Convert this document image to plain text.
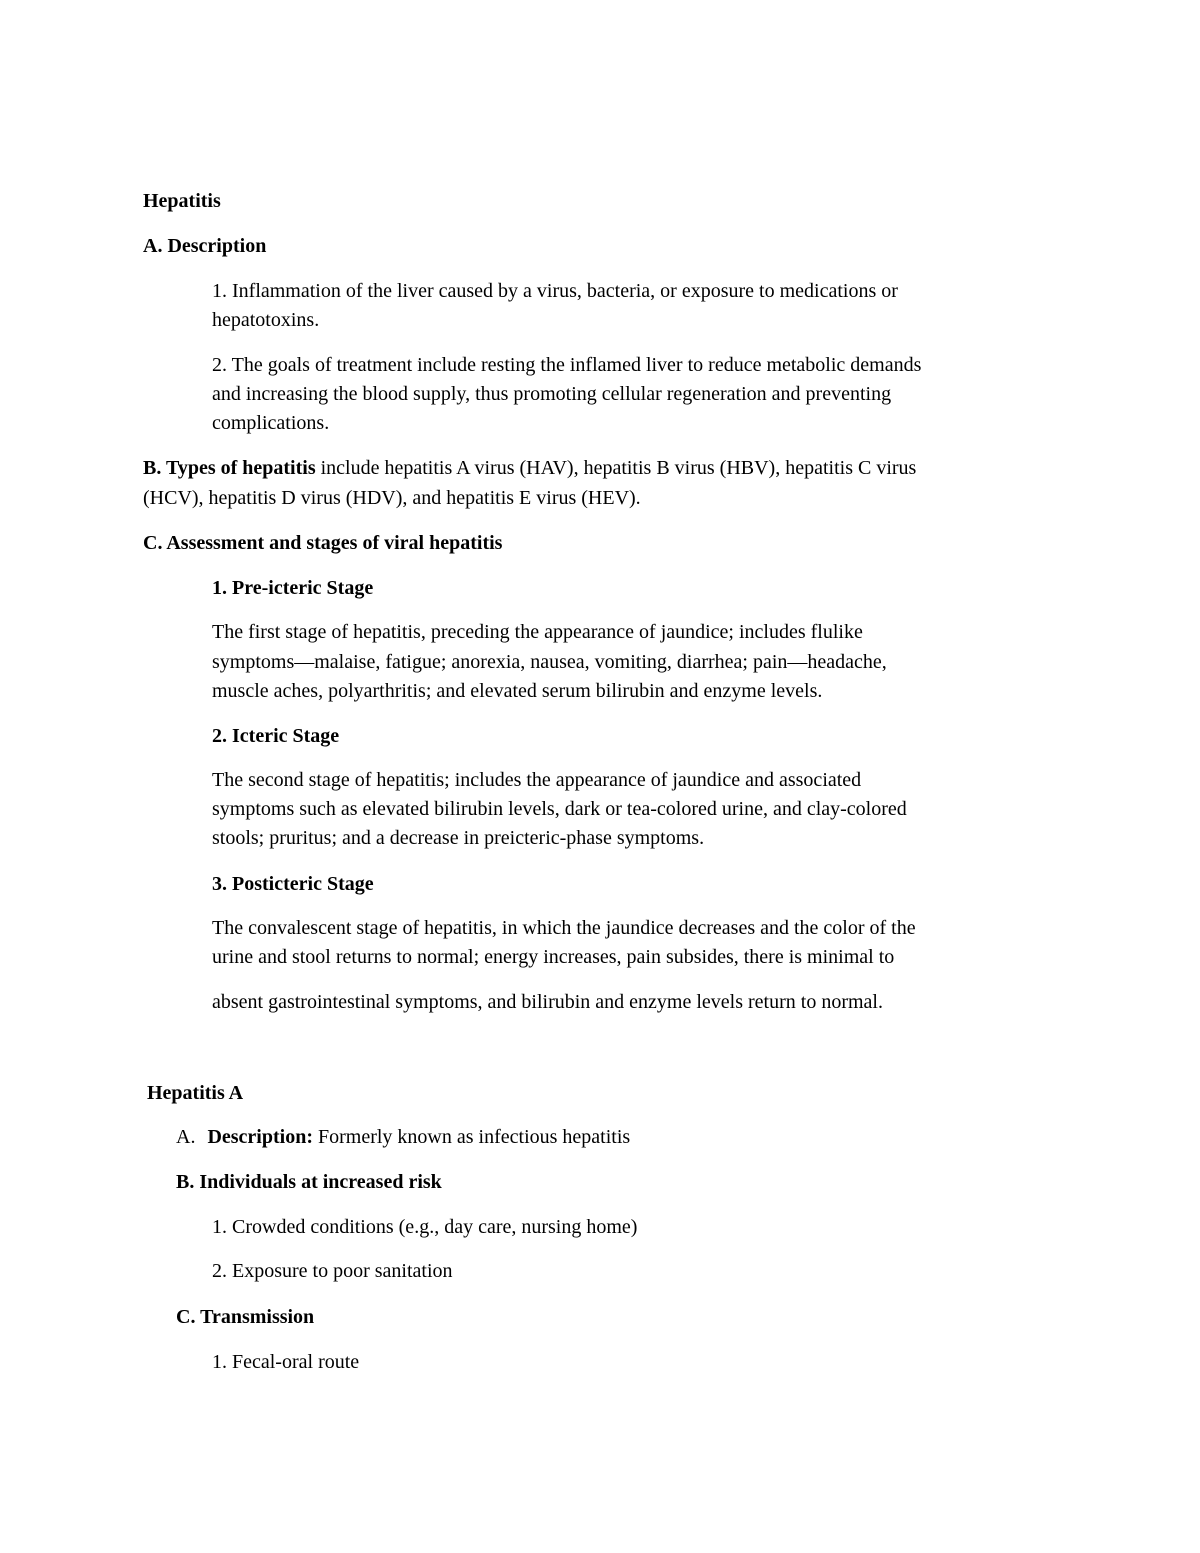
Hepatitis
A. Description
1. Inflammation of the liver caused by a virus, bacteria, or exposure to medications or
hepatotoxins.
2. The goals of treatment include resting the inflamed liver to reduce metabolic demands
and increasing the blood supply, thus promoting cellular regeneration and preventing
complications.
B. Types of hepatitis include hepatitis A virus (HAV), hepatitis B virus (HBV), hepatitis C virus
(HCV), hepatitis D virus (HDV), and hepatitis E virus (HEV).
C. Assessment and stages of viral hepatitis
1. Pre-icteric Stage
The first stage of hepatitis, preceding the appearance of jaundice; includes flulike
symptoms—malaise, fatigue; anorexia, nausea, vomiting, diarrhea; pain—headache,
muscle aches, polyarthritis; and elevated serum bilirubin and enzyme levels.
2. Icteric Stage
The second stage of hepatitis; includes the appearance of jaundice and associated
symptoms such as elevated bilirubin levels, dark or tea-colored urine, and clay-colored
stools; pruritus; and a decrease in preicteric-phase symptoms.
3. Posticteric Stage
The convalescent stage of hepatitis, in which the jaundice decreases and the color of the
urine and stool returns to normal; energy increases, pain subsides, there is minimal to
absent gastrointestinal symptoms, and bilirubin and enzyme levels return to normal.
Hepatitis A
A. Description: Formerly known as infectious hepatitis
B. Individuals at increased risk
1. Crowded conditions (e.g., day care, nursing home)
2. Exposure to poor sanitation
C. Transmission
1. Fecal-oral route
